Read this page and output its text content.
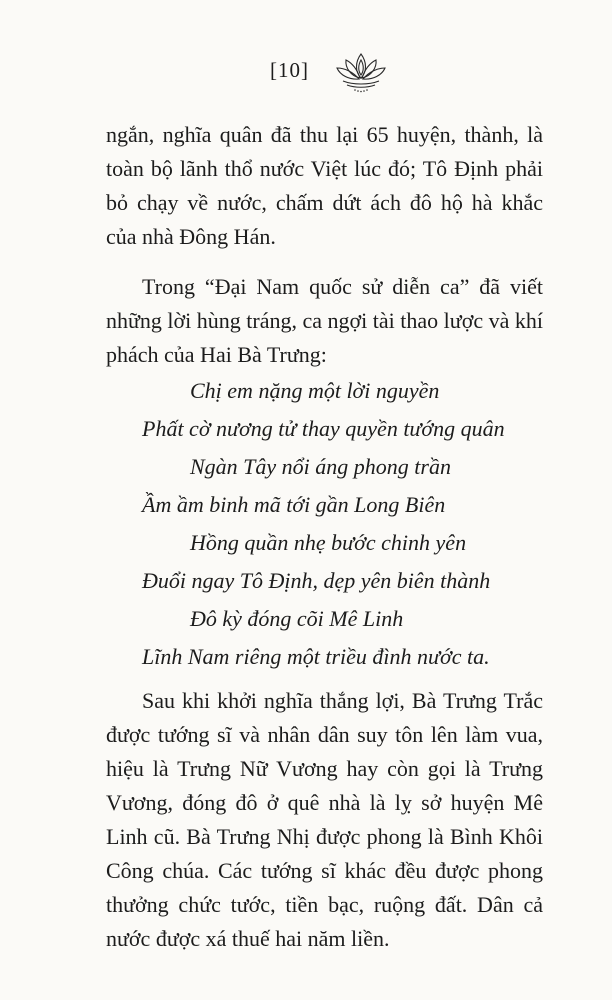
[10]

ngắn, nghĩa quân đã thu lại 65 huyện, thành, là toàn bộ lãnh thổ nước Việt lúc đó; Tô Định phải bỏ chạy về nước, chấm dứt ách đô hộ hà khắc của nhà Đông Hán.

Trong “Đại Nam quốc sử diễn ca” đã viết những lời hùng tráng, ca ngợi tài thao lược và khí phách của Hai Bà Trưng:

Chị em nặng một lời nguyền
Phất cờ nương tử thay quyền tướng quân
Ngàn Tây nổi áng phong trần
Ầm ầm binh mã tới gần Long Biên
Hồng quần nhẹ bước chinh yên
Đuổi ngay Tô Định, dẹp yên biên thành
Đô kỳ đóng cõi Mê Linh
Lĩnh Nam riêng một triều đình nước ta.

Sau khi khởi nghĩa thắng lợi, Bà Trưng Trắc được tướng sĩ và nhân dân suy tôn lên làm vua, hiệu là Trưng Nữ Vương hay còn gọi là Trưng Vương, đóng đô ở quê nhà là lỵ sở huyện Mê Linh cũ. Bà Trưng Nhị được phong là Bình Khôi Công chúa. Các tướng sĩ khác đều được phong thưởng chức tước, tiền bạc, ruộng đất. Dân cả nước được xá thuế hai năm liền.
